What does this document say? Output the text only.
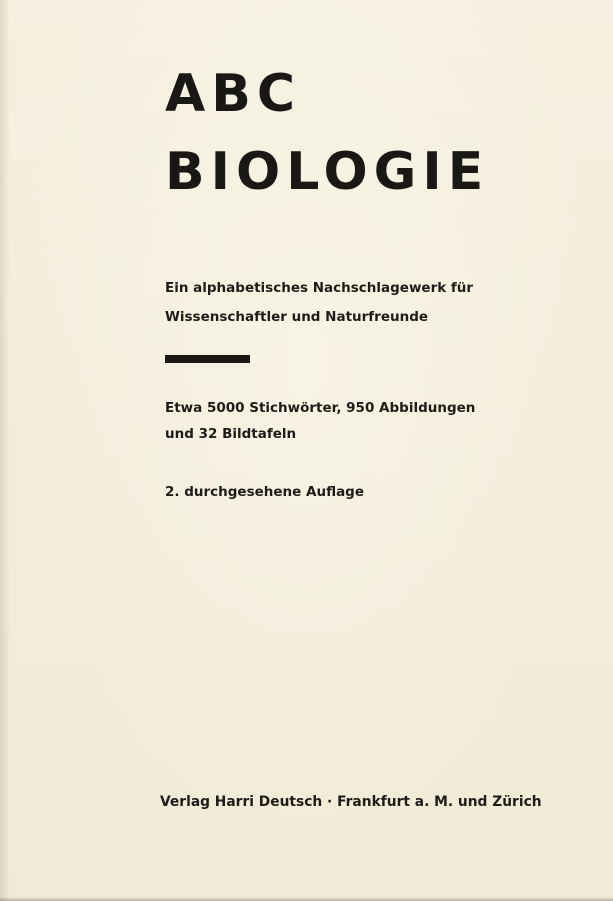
ABC
BIOLOGIE

Ein alphabetisches Nachschlagewerk für

Wissenschaftler und Naturfreunde

Etwa 5000 Stichwörter, 950 Abbildungen

und 32 Bildtafeln

2. durchgesehene Auflage

Verlag Harri Deutsch · Frankfurt a. M. und Zürich
